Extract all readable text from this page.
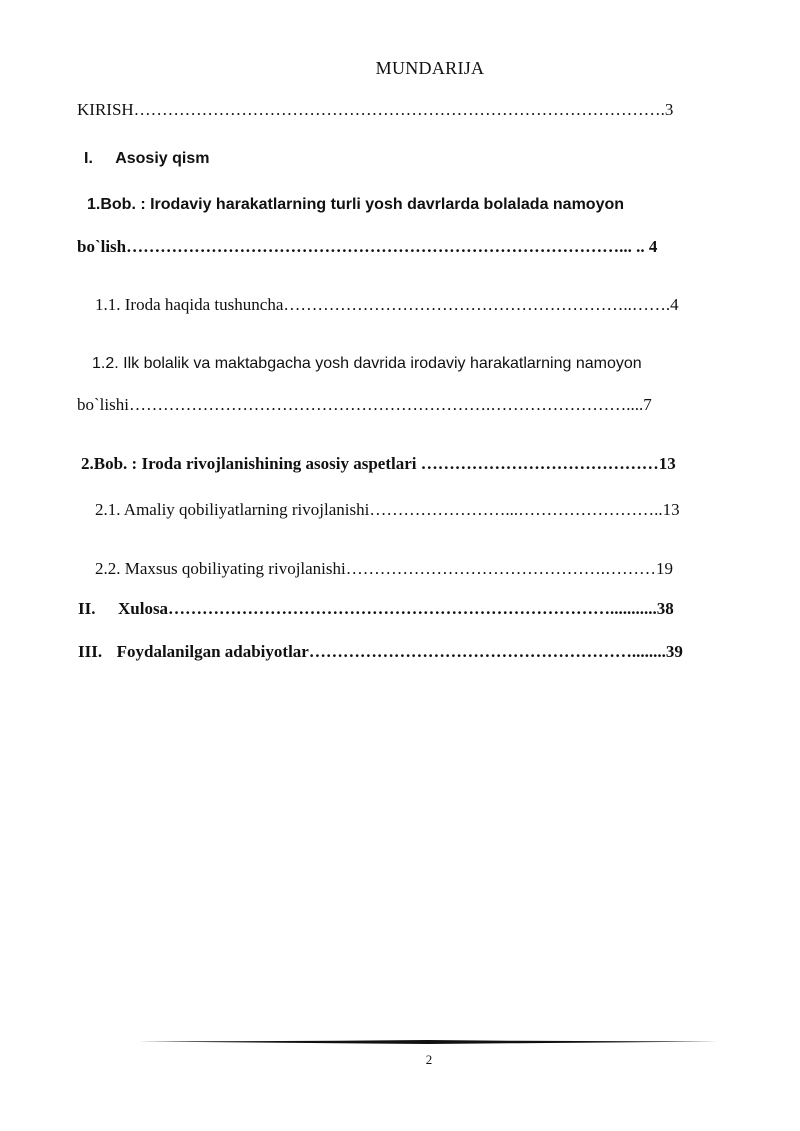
MUNDARIJA
KIRISH………………………………………………………………………………….3
I. Asosiy qism
1.Bob. : Irodaviy harakatlarning turli yosh davrlarda bolalada namoyon
bo`lish……………………………………………………………………………... .. 4
1.1. Iroda haqida tushuncha……………………………………………………..…….4
1.2. Ilk bolalik va maktabgacha yosh davrida irodaviy harakatlarning namoyon
bo`lishi……………………………………………………….……………………....7
2.Bob. : Iroda rivojlanishining asosiy aspetlari ……………………………………13
2.1. Amaliy qobiliyatlarning rivojlanishi……………………...……………………..13
2.2. Maxsus qobiliyating rivojlanishi……………………………………….………19
II. Xulosa……………………………………………………………………...........38
III. Foydalanilgan adabiyotlar…………………………………………………........39
2
